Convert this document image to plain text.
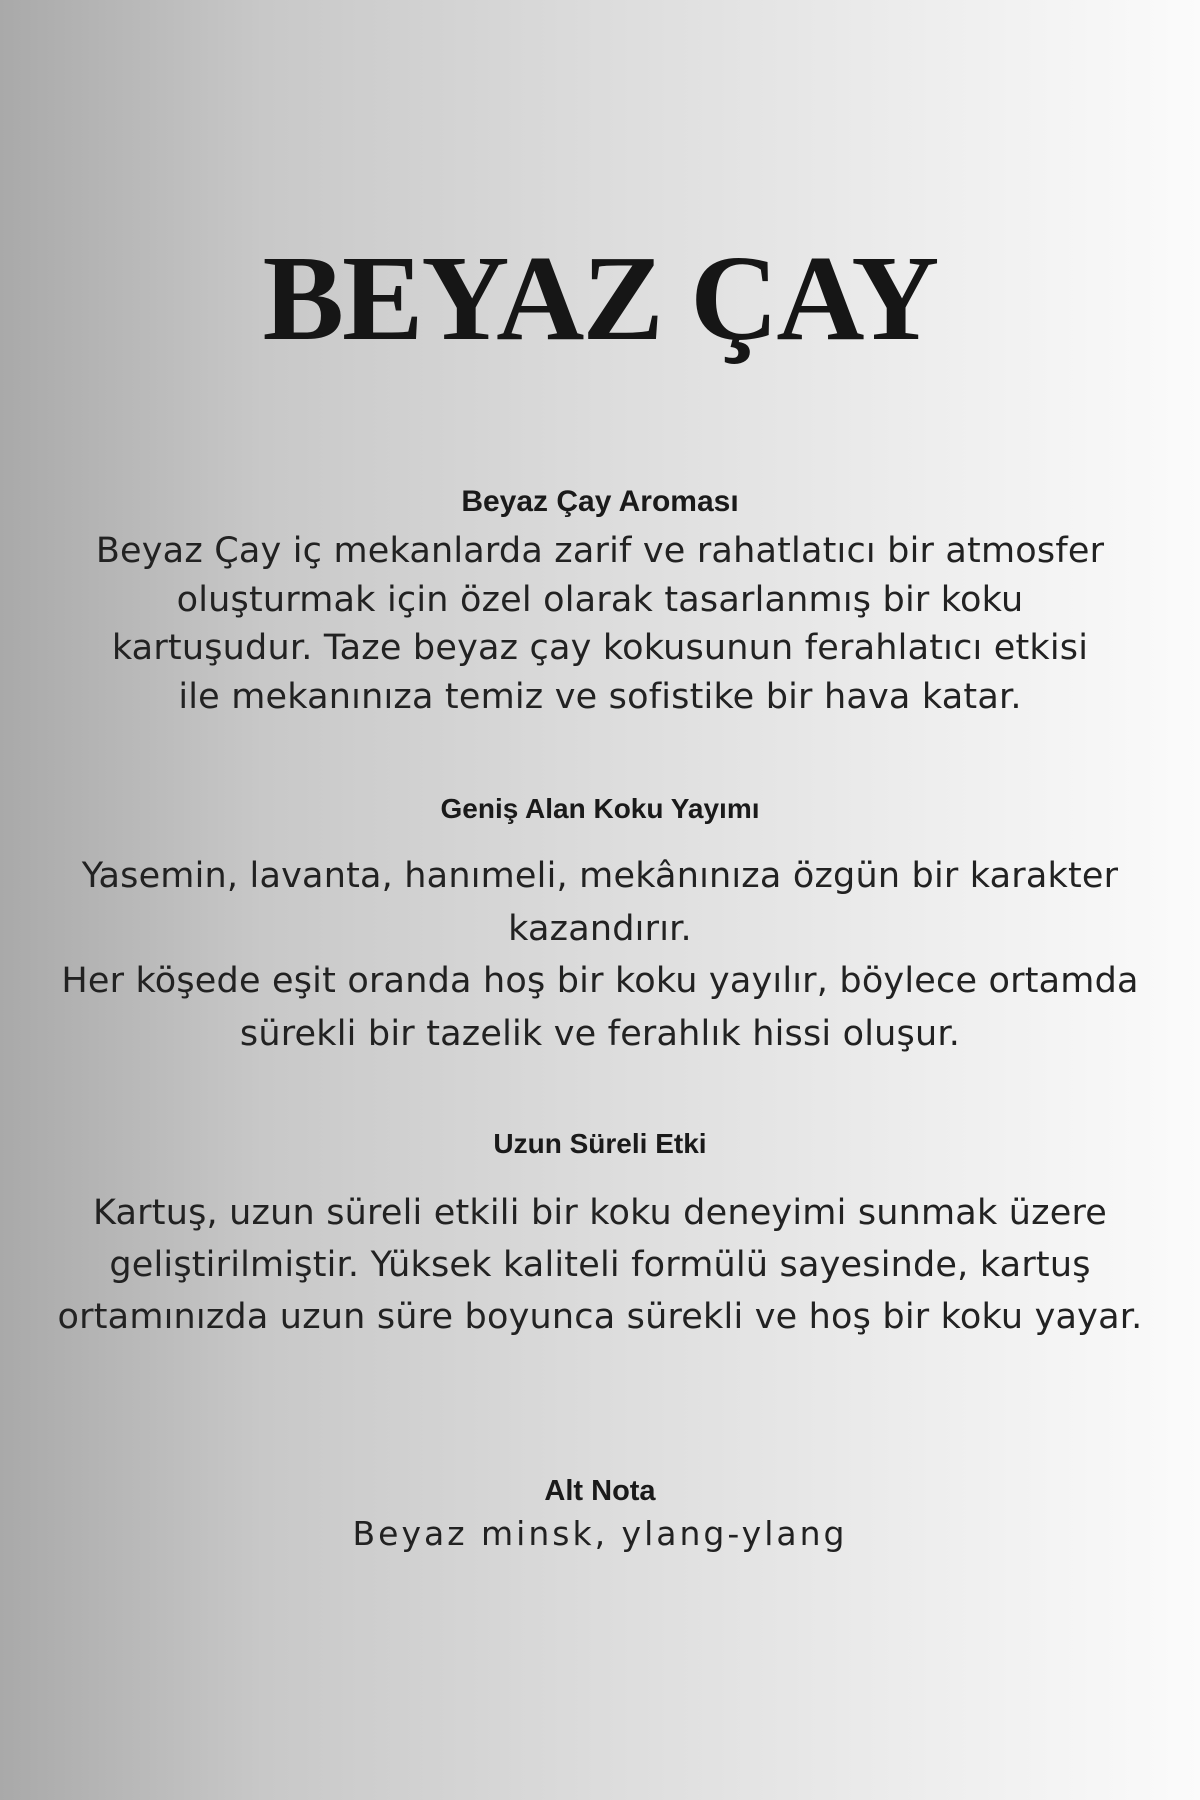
BEYAZ ÇAY
Beyaz Çay Aroması

Beyaz Çay iç mekanlarda zarif ve rahatlatıcı bir atmosfer
oluşturmak için özel olarak tasarlanmış bir koku
kartuşudur. Taze beyaz çay kokusunun ferahlatıcı etkisi
ile mekanınıza temiz ve sofistike bir hava katar.

Geniş Alan Koku Yayımı

Yasemin, lavanta, hanımeli, mekânınıza özgün bir karakter
kazandırır.
Her köşede eşit oranda hoş bir koku yayılır, böylece ortamda
sürekli bir tazelik ve ferahlık hissi oluşur.

Uzun Süreli Etki

Kartuş, uzun süreli etkili bir koku deneyimi sunmak üzere
geliştirilmiştir. Yüksek kaliteli formülü sayesinde, kartuş
ortamınızda uzun süre boyunca sürekli ve hoş bir koku yayar.

Alt Nota

Beyaz minsk, ylang-ylang
